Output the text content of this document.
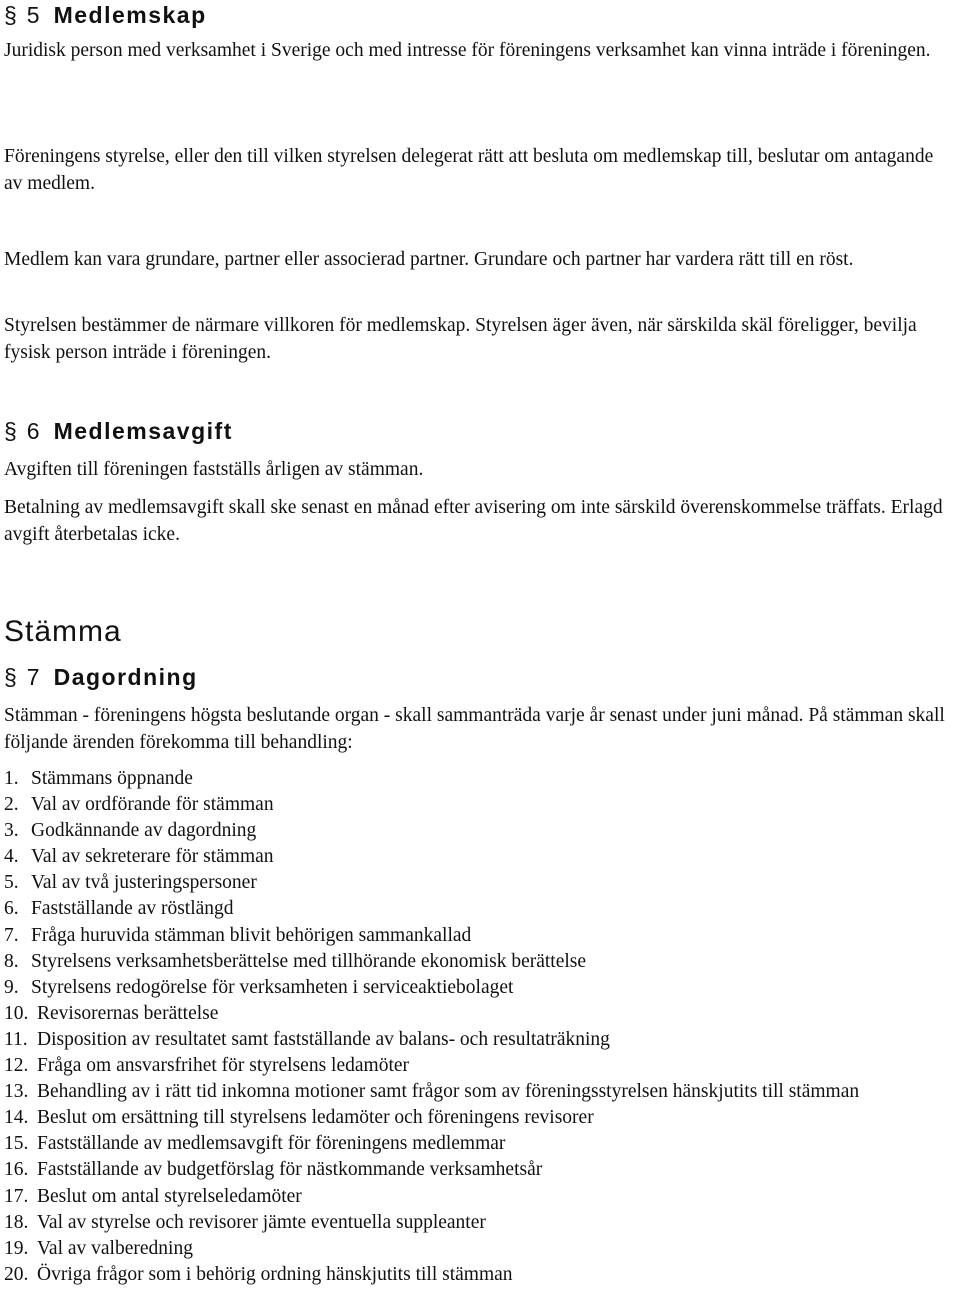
§ 5 Medlemskap

Juridisk person med verksamhet i Sverige och med intresse för föreningens verksamhet kan vinna inträde i föreningen.

Föreningens styrelse, eller den till vilken styrelsen delegerat rätt att besluta om medlemskap till, beslutar om antagande av medlem.

Medlem kan vara grundare, partner eller associerad partner. Grundare och partner har vardera rätt till en röst.

Styrelsen bestämmer de närmare villkoren för medlemskap. Styrelsen äger även, när särskilda skäl föreligger, bevilja fysisk person inträde i föreningen.

§ 6 Medlemsavgift

Avgiften till föreningen fastställs årligen av stämman.

Betalning av medlemsavgift skall ske senast en månad efter avisering om inte särskild överenskommelse träffats. Erlagd avgift återbetalas icke.

Stämma
§ 7 Dagordning

Stämman - föreningens högsta beslutande organ - skall sammanträda varje år senast under juni månad. På stämman skall följande ärenden förekomma till behandling:

1. Stämmans öppnande
2. Val av ordförande för stämman
3. Godkännande av dagordning
4. Val av sekreterare för stämman
5. Val av två justeringspersoner
6. Fastställande av röstlängd
7. Fråga huruvida stämman blivit behörigen sammankallad
8. Styrelsens verksamhetsberättelse med tillhörande ekonomisk berättelse
9. Styrelsens redogörelse för verksamheten i serviceaktiebolaget
10. Revisorernas berättelse
11. Disposition av resultatet samt fastställande av balans- och resultaträkning
12. Fråga om ansvarsfrihet för styrelsens ledamöter
13. Behandling av i rätt tid inkomna motioner samt frågor som av föreningsstyrelsen hänskjutits till stämman
14. Beslut om ersättning till styrelsens ledamöter och föreningens revisorer
15. Fastställande av medlemsavgift för föreningens medlemmar
16. Fastställande av budgetförslag för nästkommande verksamhetsår
17. Beslut om antal styrelseledamöter
18. Val av styrelse och revisorer jämte eventuella suppleanter
19. Val av valberedning
20. Övriga frågor som i behörig ordning hänskjutits till stämman
